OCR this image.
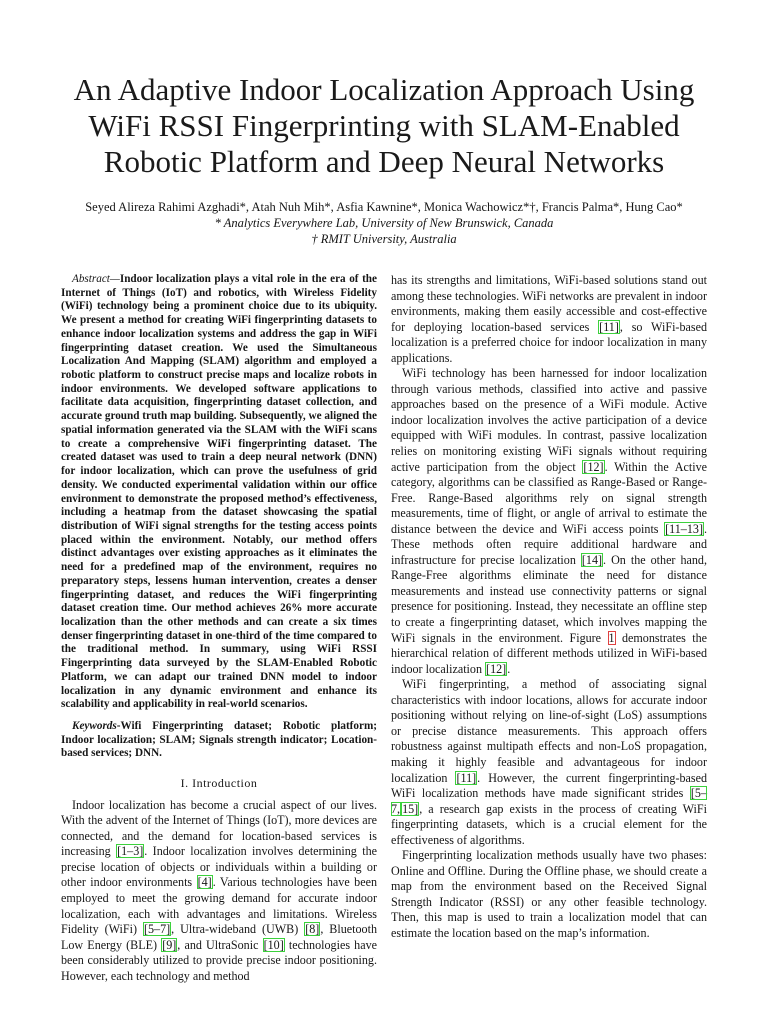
An Adaptive Indoor Localization Approach Using
WiFi RSSI Fingerprinting with SLAM-Enabled
Robotic Platform and Deep Neural Networks
Seyed Alireza Rahimi Azghadi*, Atah Nuh Mih*, Asfia Kawnine*, Monica Wachowicz*†, Francis Palma*, Hung Cao*
* Analytics Everywhere Lab, University of New Brunswick, Canada
† RMIT University, Australia
Abstract—Indoor localization plays a vital role in the era of the Internet of Things (IoT) and robotics, with Wireless Fidelity (WiFi) technology being a prominent choice due to its ubiquity. We present a method for creating WiFi fingerprinting datasets to enhance indoor localization systems and address the gap in WiFi fingerprinting dataset creation. We used the Simultaneous Localization And Mapping (SLAM) algorithm and employed a robotic platform to construct precise maps and localize robots in indoor environments. We developed software applications to facilitate data acquisition, fingerprinting dataset collection, and accurate ground truth map building. Subsequently, we aligned the spatial information generated via the SLAM with the WiFi scans to create a comprehensive WiFi fingerprinting dataset. The created dataset was used to train a deep neural network (DNN) for indoor localization, which can prove the usefulness of grid density. We conducted experimental validation within our office environment to demonstrate the proposed method’s effectiveness, including a heatmap from the dataset showcasing the spatial distribution of WiFi signal strengths for the testing access points placed within the environment. Notably, our method offers distinct advantages over existing approaches as it eliminates the need for a predefined map of the environment, requires no preparatory steps, lessens human intervention, creates a denser fingerprinting dataset, and reduces the WiFi fingerprinting dataset creation time. Our method achieves 26% more accurate localization than the other methods and can create a six times denser fingerprinting dataset in one-third of the time compared to the traditional method. In summary, using WiFi RSSI Fingerprinting data surveyed by the SLAM-Enabled Robotic Platform, we can adapt our trained DNN model to indoor localization in any dynamic environment and enhance its scalability and applicability in real-world scenarios.
Keywords-Wifi Fingerprinting dataset; Robotic platform; Indoor localization; SLAM; Signals strength indicator; Location-based services; DNN.
I. Introduction

Indoor localization has become a crucial aspect of our lives. With the advent of the Internet of Things (IoT), more devices are connected, and the demand for location-based services is increasing [1–3]. Indoor localization involves determining the precise location of objects or individuals within a building or other indoor environments [4]. Various technologies have been employed to meet the growing demand for accurate indoor localization, each with advantages and limitations. Wireless Fidelity (WiFi) [5–7], Ultra-wideband (UWB) [8], Bluetooth Low Energy (BLE) [9], and UltraSonic [10] technologies have been considerably utilized to provide precise indoor positioning. However, each technology and method

has its strengths and limitations, WiFi-based solutions stand out among these technologies. WiFi networks are prevalent in indoor environments, making them easily accessible and cost-effective for deploying location-based services [11], so WiFi-based localization is a preferred choice for indoor localization in many applications.

WiFi technology has been harnessed for indoor localization through various methods, classified into active and passive approaches based on the presence of a WiFi module. Active indoor localization involves the active participation of a device equipped with WiFi modules. In contrast, passive localization relies on monitoring existing WiFi signals without requiring active participation from the object [12]. Within the Active category, algorithms can be classified as Range-Based or Range-Free. Range-Based algorithms rely on signal strength measurements, time of flight, or angle of arrival to estimate the distance between the device and WiFi access points [11–13]. These methods often require additional hardware and infrastructure for precise localization [14]. On the other hand, Range-Free algorithms eliminate the need for distance measurements and instead use connectivity patterns or signal presence for positioning. Instead, they necessitate an offline step to create a fingerprinting dataset, which involves mapping the WiFi signals in the environment. Figure 1 demonstrates the hierarchical relation of different methods utilized in WiFi-based indoor localization [12].

WiFi fingerprinting, a method of associating signal characteristics with indoor locations, allows for accurate indoor positioning without relying on line-of-sight (LoS) assumptions or precise distance measurements. This approach offers robustness against multipath effects and non-LoS propagation, making it highly feasible and advantageous for indoor localization [11]. However, the current fingerprinting-based WiFi localization methods have made significant strides [5–7, 15], a research gap exists in the process of creating WiFi fingerprinting datasets, which is a crucial element for the effectiveness of algorithms.

Fingerprinting localization methods usually have two phases: Online and Offline. During the Offline phase, we should create a map from the environment based on the Received Signal Strength Indicator (RSSI) or any other feasible technology. Then, this map is used to train a localization model that can estimate the location based on the map’s information.
